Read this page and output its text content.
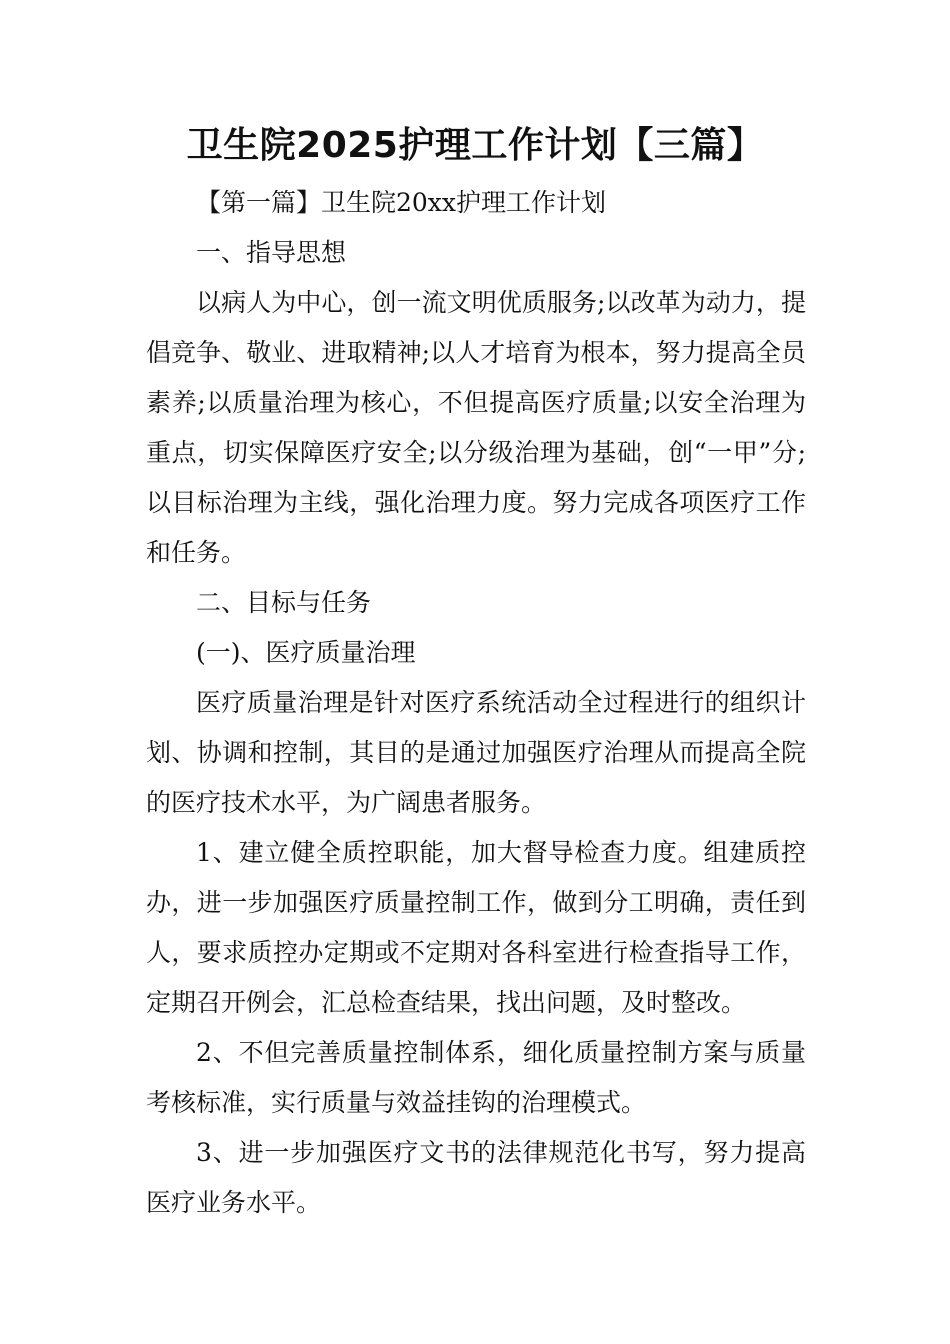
卫生院2025护理工作计划【三篇】

【第一篇】卫生院20xx护理工作计划

一、指导思想

以病人为中心，创一流文明优质服务;以改革为动力，提倡竞争、敬业、进取精神;以人才培育为根本，努力提高全员素养;以质量治理为核心，不但提高医疗质量;以安全治理为重点，切实保障医疗安全;以分级治理为基础，创“一甲”分;以目标治理为主线，强化治理力度。努力完成各项医疗工作和任务。

二、目标与任务

(一)、医疗质量治理

医疗质量治理是针对医疗系统活动全过程进行的组织计划、协调和控制，其目的是通过加强医疗治理从而提高全院的医疗技术水平，为广阔患者服务。

1、建立健全质控职能，加大督导检查力度。组建质控办，进一步加强医疗质量控制工作，做到分工明确，责任到人，要求质控办定期或不定期对各科室进行检查指导工作，定期召开例会，汇总检查结果，找出问题，及时整改。

2、不但完善质量控制体系，细化质量控制方案与质量考核标准，实行质量与效益挂钩的治理模式。

3、进一步加强医疗文书的法律规范化书写，努力提高医疗业务水平。
